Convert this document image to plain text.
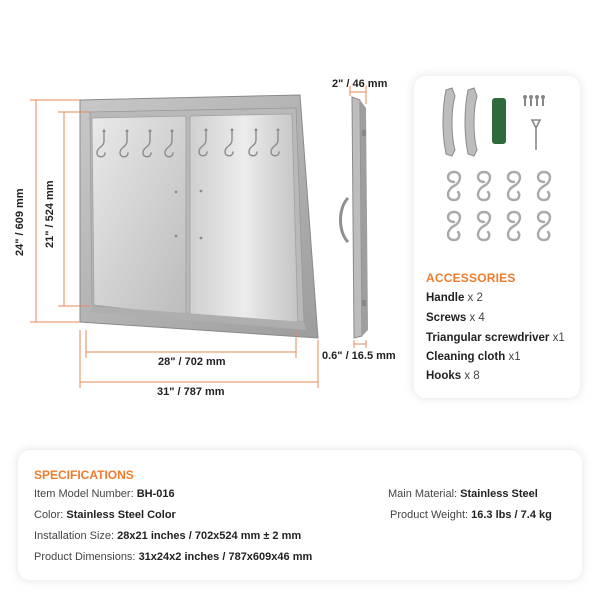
24" / 609 mm 21" / 524 mm
28" / 702 mm
31" / 787 mm
2" / 46 mm
0.6" / 16.5 mm
ACCESSORIES
Handle x 2
Screws x 4
Triangular screwdriver x1
Cleaning cloth x1
Hooks x 8
SPECIFICATIONS
Item Model Number: BH-016
Color: Stainless Steel Color
Installation Size: 28x21 inches / 702x524 mm ± 2 mm
Product Dimensions: 31x24x2 inches / 787x609x46 mm
Main Material: Stainless Steel
Product Weight: 16.3 lbs / 7.4 kg
